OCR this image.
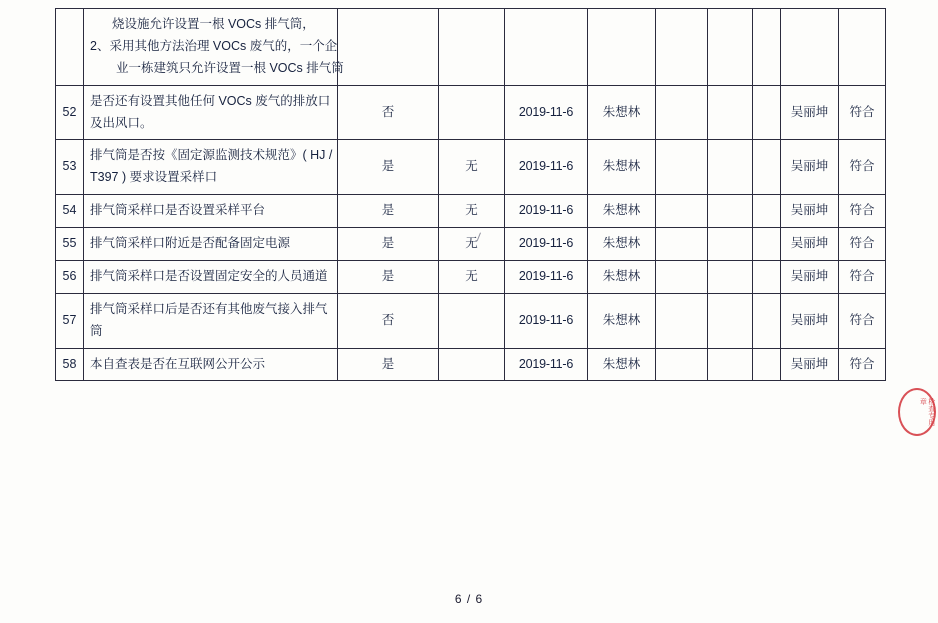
	烧设施允许设置一根 VOCs 排气筒，
2、采用其他方法治理 VOCs 废气的，一个企
业一栋建筑只允许设置一根 VOCs 排气筒									

52	是否还有设置其他任何 VOCs 废气的排放口
及出风口。	否		2019-11-6	朱想林				吴丽坤	符合
53	排气筒是否按《固定源监测技术规范》( HJ /
T397 ) 要求设置采样口	是	无	2019-11-6	朱想林				吴丽坤	符合
54	排气筒采样口是否设置采样平台	是	无	2019-11-6	朱想林				吴丽坤	符合
55	排气筒采样口附近是否配备固定电源	是	无	2019-11-6	朱想林				吴丽坤	符合
56	排气筒采样口是否设置固定安全的人员通道	是	无	2019-11-6	朱想林				吴丽坤	符合
57	排气筒采样口后是否还有其他废气接入排气
筒	否		2019-11-6	朱想林				吴丽坤	符合
58	本自查表是否在互联网公开公示	是		2019-11-6	朱想林				吴丽坤	符合
检查专用章
6 / 6
